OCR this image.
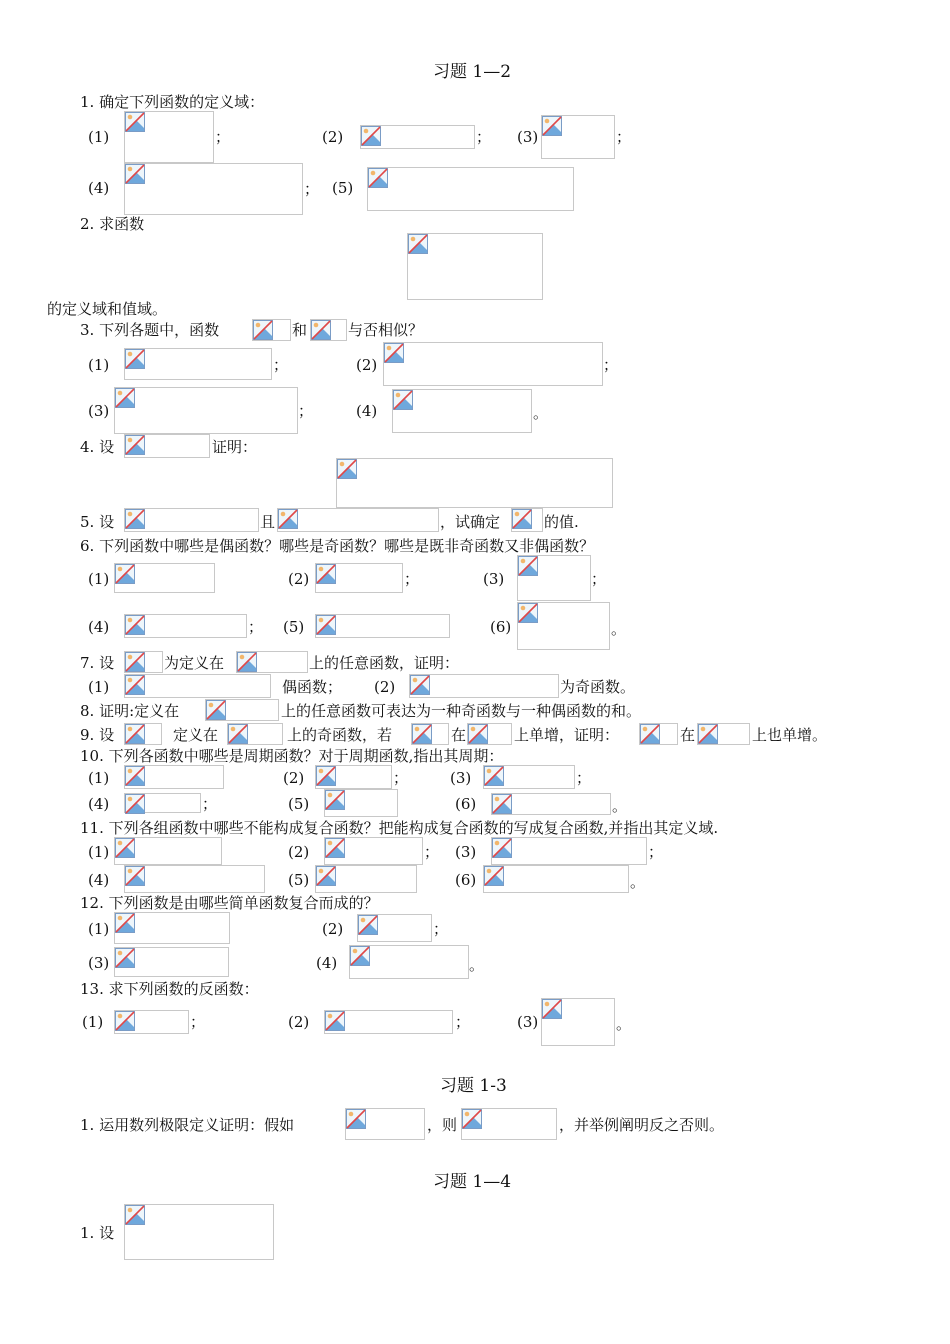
习题 1—2
1. 确定下列函数的定义域：
(1)	；	(2)	； (3)	；
(4)	； (5)
2. 求函数
的定义域和值域。
3. 下列各题中，函数	和	与否相似？
(1)	；	(2)	；
(3)	；	(4)	。
4. 设	证明：
5. 设	且	，试确定	的值.
6. 下列函数中哪些是偶函数？哪些是奇函数？哪些是既非奇函数又非偶函数？
(1)	(2)	；	(3)	；
(4)	； (5)	(6)	。
7. 设	为定义在	上的任意函数，证明：
(1)	偶函数； (2)	为奇函数。
8. 证明:定义在	上的任意函数可表达为一种奇函数与一种偶函数的和。
9. 设	定义在	上的奇函数，若	在	上单增，证明：	在	上也单增。
10. 下列各函数中哪些是周期函数？对于周期函数,指出其周期：
(1)	(2)	；	(3)	；
(4)	；	(5)	(6)	。
11. 下列各组函数中哪些不能构成复合函数？把能构成复合函数的写成复合函数,并指出其定义域.
(1)	(2)	； (3)	；
(4)	(5)	(6)	。
12. 下列函数是由哪些简单函数复合而成的？
(1)	(2)	；
(3)	(4)	。
13. 求下列函数的反函数：
(1)	；	(2)	；	(3)	。
习题 1-3
1. 运用数列极限定义证明：假如	，则	，并举例阐明反之否则。
习题 1—4
1. 设
